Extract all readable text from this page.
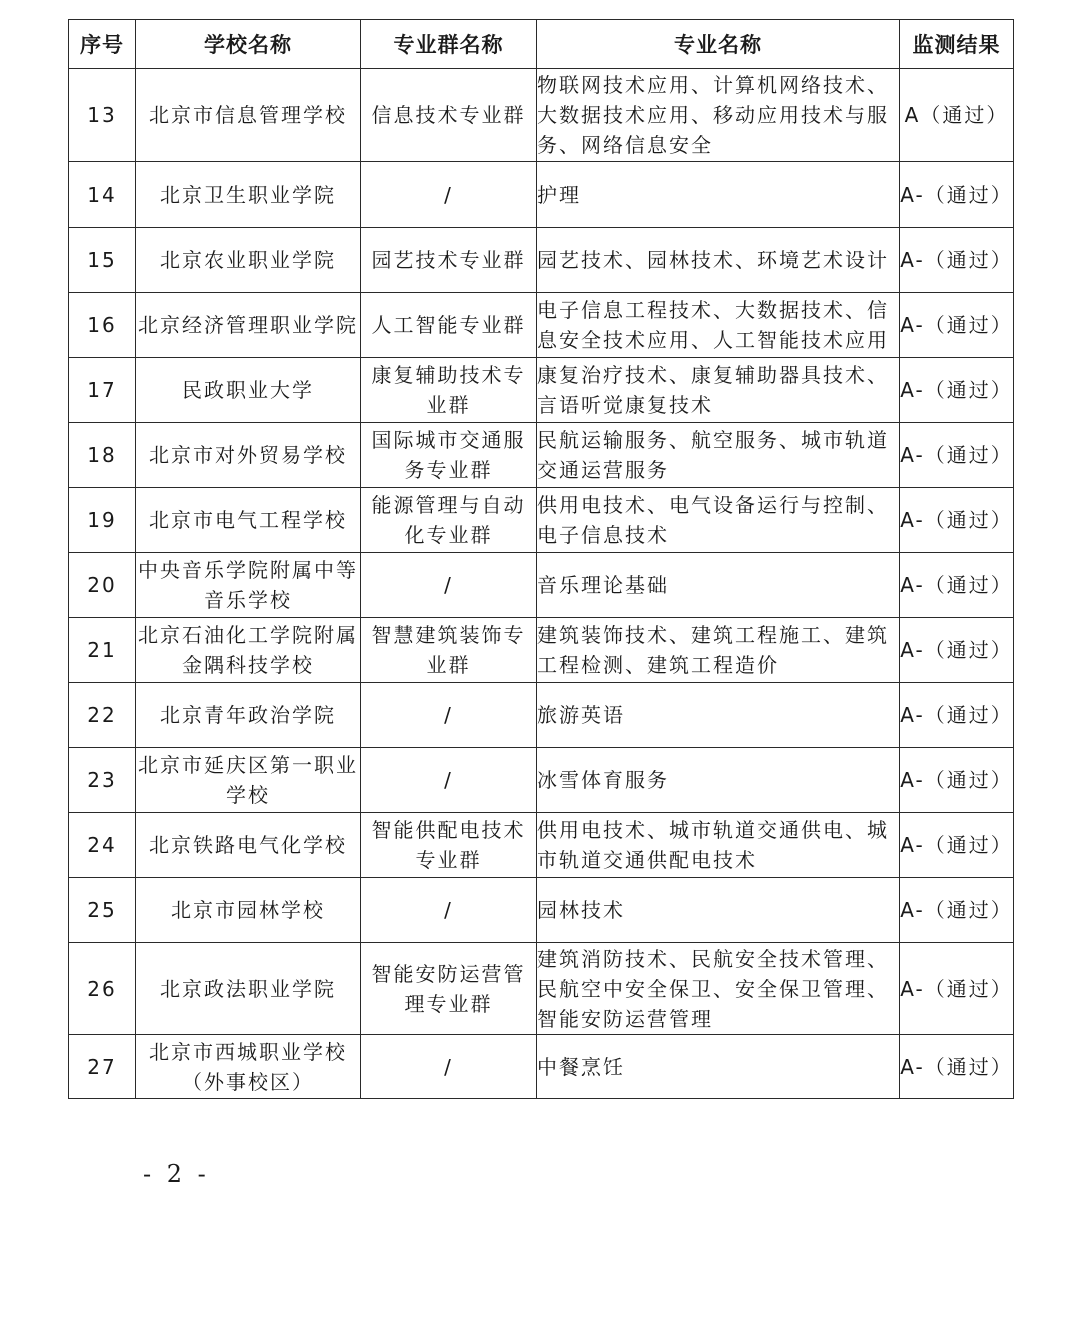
序号	学校名称	专业群名称	专业名称	监测结果
13	北京市信息管理学校	信息技术专业群	物联网技术应用、计算机网络技术、大数据技术应用、移动应用技术与服务、网络信息安全	A（通过）
14	北京卫生职业学院	/	护理	A-（通过）
15	北京农业职业学院	园艺技术专业群	园艺技术、园林技术、环境艺术设计	A-（通过）
16	北京经济管理职业学院	人工智能专业群	电子信息工程技术、大数据技术、信息安全技术应用、人工智能技术应用	A-（通过）
17	民政职业大学	康复辅助技术专业群	康复治疗技术、康复辅助器具技术、言语听觉康复技术	A-（通过）
18	北京市对外贸易学校	国际城市交通服务专业群	民航运输服务、航空服务、城市轨道交通运营服务	A-（通过）
19	北京市电气工程学校	能源管理与自动化专业群	供用电技术、电气设备运行与控制、电子信息技术	A-（通过）
20	中央音乐学院附属中等音乐学校	/	音乐理论基础	A-（通过）
21	北京石油化工学院附属金隅科技学校	智慧建筑装饰专业群	建筑装饰技术、建筑工程施工、建筑工程检测、建筑工程造价	A-（通过）
22	北京青年政治学院	/	旅游英语	A-（通过）
23	北京市延庆区第一职业学校	/	冰雪体育服务	A-（通过）
24	北京铁路电气化学校	智能供配电技术专业群	供用电技术、城市轨道交通供电、城市轨道交通供配电技术	A-（通过）
25	北京市园林学校	/	园林技术	A-（通过）
26	北京政法职业学院	智能安防运营管理专业群	建筑消防技术、民航安全技术管理、民航空中安全保卫、安全保卫管理、智能安防运营管理	A-（通过）
27	北京市西城职业学校（外事校区）	/	中餐烹饪	A-（通过）
- 2 -
